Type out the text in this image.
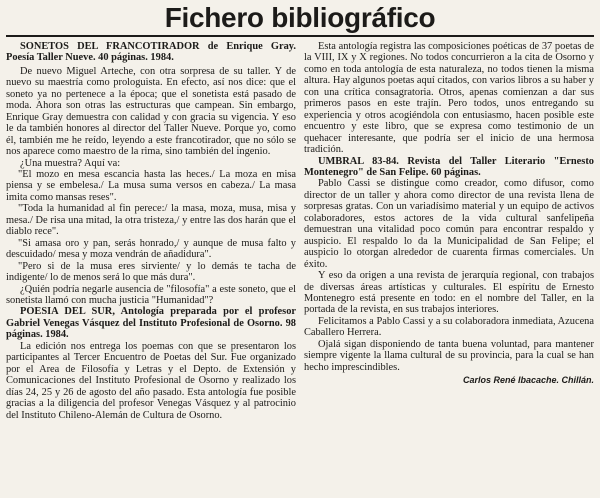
Fichero bibliográfico

SONETOS DEL FRANCOTIRADOR de Enrique Gray. Poesía Taller Nueve. 40 páginas. 1984.

De nuevo Miguel Arteche, con otra sorpresa de su taller. Y de nuevo su maestría como prologuista. En efecto, así nos dice: que el soneto ya no pertenece a la época; que el sonetista está pasado de moda. Ahora son otras las estructuras que campean. Sin embargo, Enrique Gray demuestra con calidad y con gracia su vigencia. Y eso le da también honores al director del Taller Nueve. Porque yo, como él, también me he reído, leyendo a este francotirador, que no sólo se nos aparece como maestro de la rima, sino también del ingenio.

¿Una muestra? Aquí va:

"El mozo en mesa escancia hasta las heces./ La moza en misa piensa y se embelesa./ La musa suma versos en cabeza./ La masa imita como mansas reses".

"Toda la humanidad al fin perece:/ la masa, moza, musa, misa y mesa./ De risa una mitad, la otra tristeza,/ y entre las dos harán que el diablo rece".

"Si amasa oro y pan, serás honrado,/ y aunque de musa falto y descuidado/ mesa y moza vendrán de añadidura".

"Pero si de la musa eres sirviente/ y lo demás te tacha de indigente/ lo de menos será lo que más dura".

¿Quién podría negarle ausencia de "filosofía" a este soneto, que el sonetista llamó con mucha justicia "Humanidad"?

POESIA DEL SUR, Antología preparada por el profesor Gabriel Venegas Vásquez del Instituto Profesional de Osorno. 98 páginas. 1984.

La edición nos entrega los poemas con que se presentaron los participantes al Tercer Encuentro de Poetas del Sur. Fue organizado por el Area de Filosofía y Letras y el Depto. de Extensión y Comunicaciones del Instituto Profesional de Osorno y realizado los días 24, 25 y 26 de agosto del año pasado. Esta antología fue posible gracias a la diligencia del profesor Venegas Vásquez y al patrocinio del Instituto Chileno-Alemán de Cultura de Osorno.

Esta antología registra las composiciones poéticas de 37 poetas de la VIII, IX y X regiones. No todos concurrieron a la cita de Osorno y como en toda antología de esta naturaleza, no todos tienen la misma altura. Hay algunos poetas aquí citados, con varios libros a su haber y con una crítica consagratoria. Otros, apenas comienzan a dar sus primeros pasos en este trajín. Pero todos, unos entregando su experiencia y otros acogiéndola con entusiasmo, hacen posible este encuentro y este libro, que se expresa como testimonio de un quehacer interesante, que podría ser el inicio de una hermosa tradición.

UMBRAL 83-84. Revista del Taller Literario "Ernesto Montenegro" de San Felipe. 60 páginas.

Pablo Cassi se distingue como creador, como difusor, como director de un taller y ahora como director de una revista llena de sorpresas gratas. Con un variadísimo material y un equipo de activos colaboradores, estos actores de la vida cultural sanfelipeña demuestran una vitalidad poco común para encontrar respaldo y auspicio. El respaldo lo da la Municipalidad de San Felipe; el auspicio lo otorgan alrededor de cuarenta firmas comerciales. Un éxito.

Y eso da origen a una revista de jerarquía regional, con trabajos de diversas áreas artísticas y culturales. El espíritu de Ernesto Montenegro está presente en todo: en el nombre del Taller, en la portada de la revista, en sus trabajos interiores.

Felicitamos a Pablo Cassi y a su colaboradora inmediata, Azucena Caballero Herrera.

Ojalá sigan disponiendo de tanta buena voluntad, para mantener siempre vigente la llama cultural de su provincia, para la cual se han hecho imprescindibles.

Carlos René Ibacache. Chillán.
